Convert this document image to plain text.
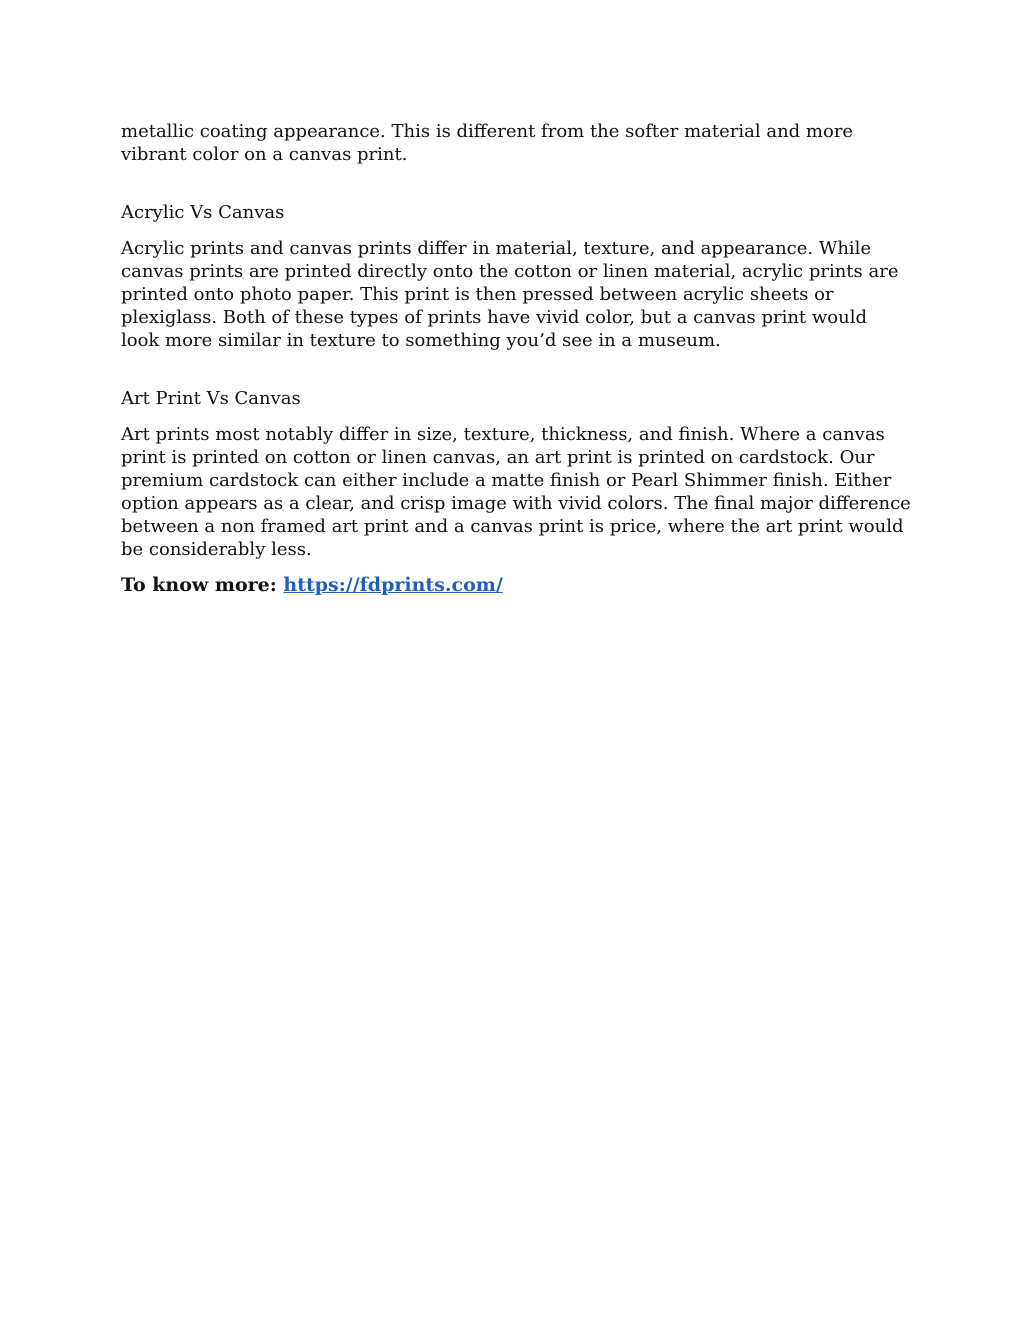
metallic coating appearance. This is different from the softer material and more vibrant color on a canvas print.

Acrylic Vs Canvas

Acrylic prints and canvas prints differ in material, texture, and appearance. While canvas prints are printed directly onto the cotton or linen material, acrylic prints are printed onto photo paper. This print is then pressed between acrylic sheets or plexiglass. Both of these types of prints have vivid color, but a canvas print would look more similar in texture to something you’d see in a museum.

Art Print Vs Canvas

Art prints most notably differ in size, texture, thickness, and finish. Where a canvas print is printed on cotton or linen canvas, an art print is printed on cardstock. Our premium cardstock can either include a matte finish or Pearl Shimmer finish. Either option appears as a clear, and crisp image with vivid colors. The final major difference between a non framed art print and a canvas print is price, where the art print would be considerably less.

To know more: https://fdprints.com/
